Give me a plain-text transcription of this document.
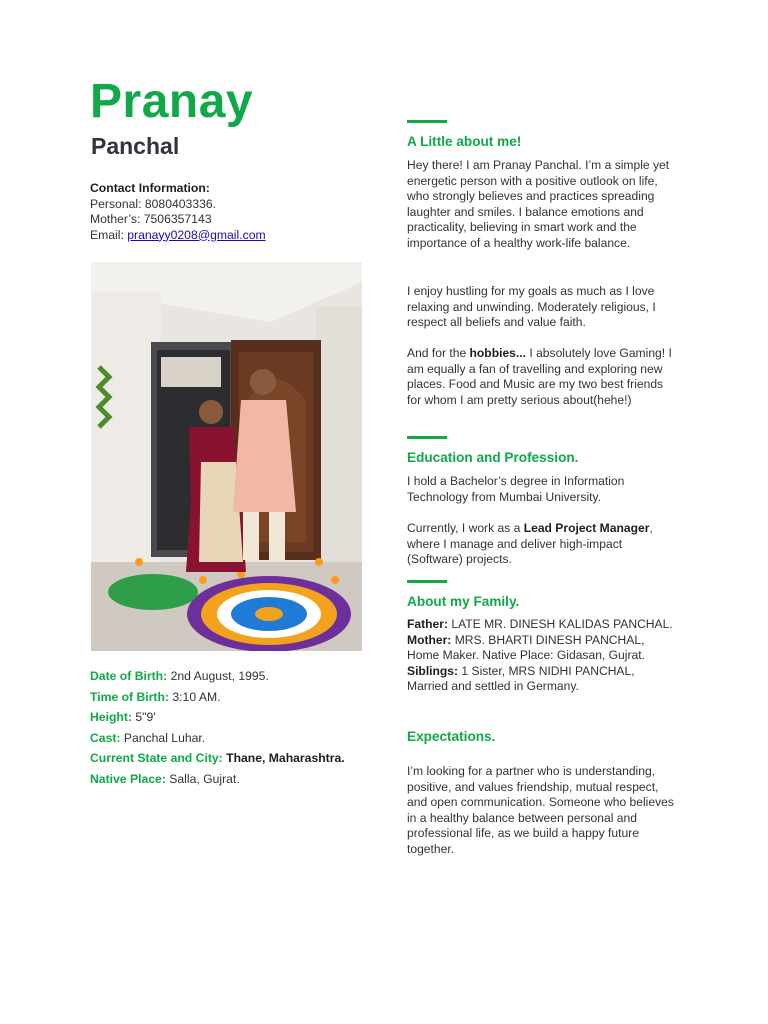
Pranay
Panchal
Contact Information:
Personal: 8080403336.
Mother’s: 7506357143
Email: pranayy0208@gmail.com
Date of Birth: 2nd August, 1995.
Time of Birth: 3:10 AM.
Height: 5"9'
Cast: Panchal Luhar.
Current State and City: Thane, Maharashtra.
Native Place: Salla, Gujrat.
A Little about me!

Hey there! I am Pranay Panchal. I’m a simple yet energetic person with a positive outlook on life, who strongly believes and practices spreading laughter and smiles. I balance emotions and practicality, believing in smart work and the importance of a healthy work-life balance.

I enjoy hustling for my goals as much as I love relaxing and unwinding. Moderately religious, I respect all beliefs and value faith.

And for the hobbies... I absolutely love Gaming! I am equally a fan of travelling and exploring new places. Food and Music are my two best friends for whom I am pretty serious about(hehe!)

Education and Profession.

I hold a Bachelor’s degree in Information Technology from Mumbai University.

Currently, I work as a Lead Project Manager, where I manage and deliver high-impact (Software) projects.

About my Family.
Father: LATE MR. DINESH KALIDAS PANCHAL.
Mother: MRS. BHARTI DINESH PANCHAL, Home Maker. Native Place: Gidasan, Gujrat.
Siblings: 1 Sister, MRS NIDHI PANCHAL, Married and settled in Germany.
Expectations.

I’m looking for a partner who is understanding, positive, and values friendship, mutual respect, and open communication. Someone who believes in a healthy balance between personal and professional life, as we build a happy future together.
